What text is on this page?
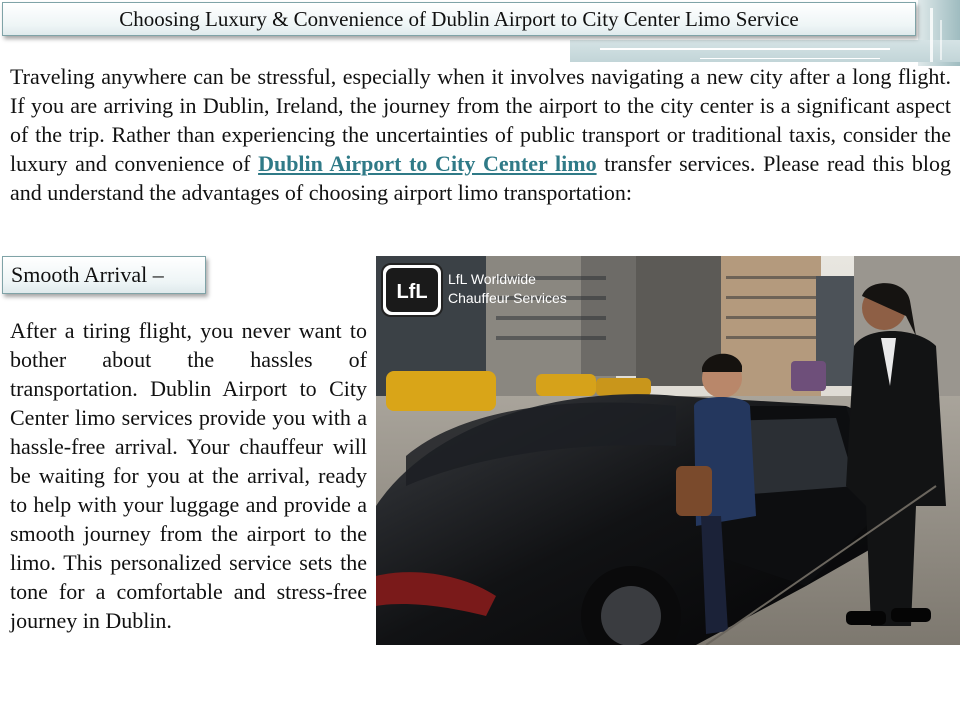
Choosing Luxury & Convenience of Dublin Airport to City Center Limo Service

Traveling anywhere can be stressful, especially when it involves navigating a new city after a long flight. If you are arriving in Dublin, Ireland, the journey from the airport to the city center is a significant aspect of the trip. Rather than experiencing the uncertainties of public transport or traditional taxis, consider the luxury and convenience of Dublin Airport to City Center limo transfer services. Please read this blog and understand the advantages of choosing airport limo transportation:

Smooth Arrival –

After a tiring flight, you never want to bother about the hassles of transportation. Dublin Airport to City Center limo services provide you with a hassle-free arrival. Your chauffeur will be waiting for you at the arrival, ready to help with your luggage and provide a smooth journey from the airport to the limo. This personalized service sets the tone for a comfortable and stress-free journey in Dublin.

LfL
LfL Worldwide
Chauffeur Services
